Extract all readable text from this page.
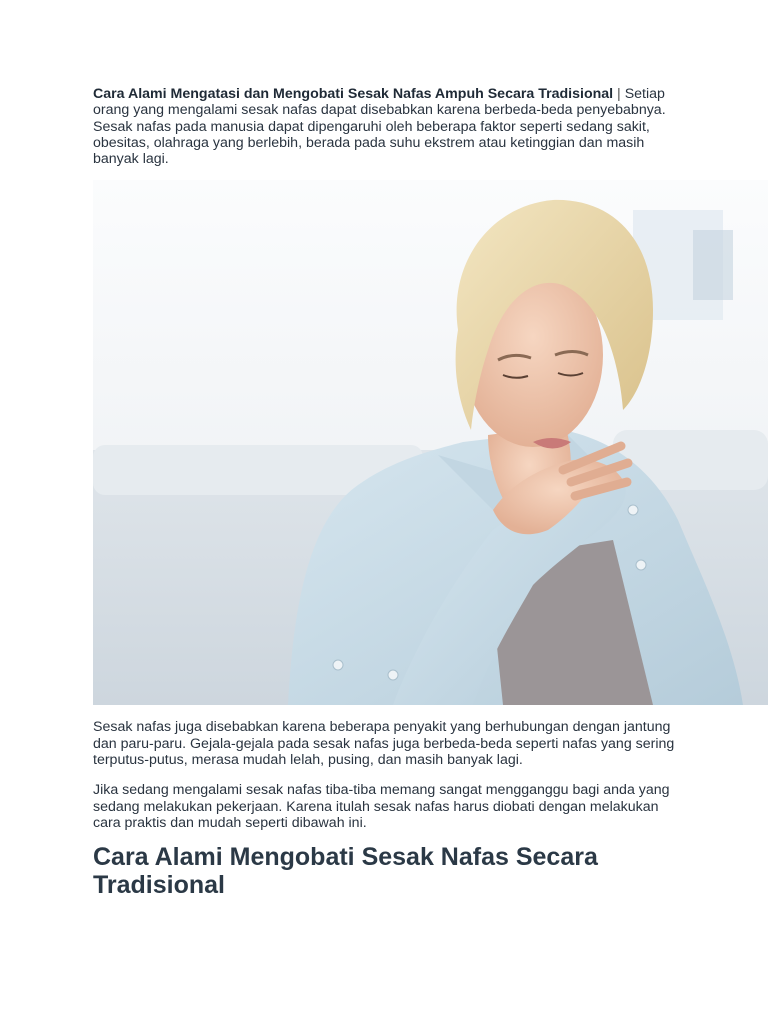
Cara Alami Mengatasi dan Mengobati Sesak Nafas Ampuh Secara Tradisional | Setiap orang yang mengalami sesak nafas dapat disebabkan karena berbeda-beda penyebabnya. Sesak nafas pada manusia dapat dipengaruhi oleh beberapa faktor seperti sedang sakit, obesitas, olahraga yang berlebih, berada pada suhu ekstrem atau ketinggian dan masih banyak lagi.

Sesak nafas juga disebabkan karena beberapa penyakit yang berhubungan dengan jantung dan paru-paru. Gejala-gejala pada sesak nafas juga berbeda-beda seperti nafas yang sering terputus-putus, merasa mudah lelah, pusing, dan masih banyak lagi.

Jika sedang mengalami sesak nafas tiba-tiba memang sangat mengganggu bagi anda yang sedang melakukan pekerjaan. Karena itulah sesak nafas harus diobati dengan melakukan cara praktis dan mudah seperti dibawah ini.

Cara Alami Mengobati Sesak Nafas Secara Tradisional
